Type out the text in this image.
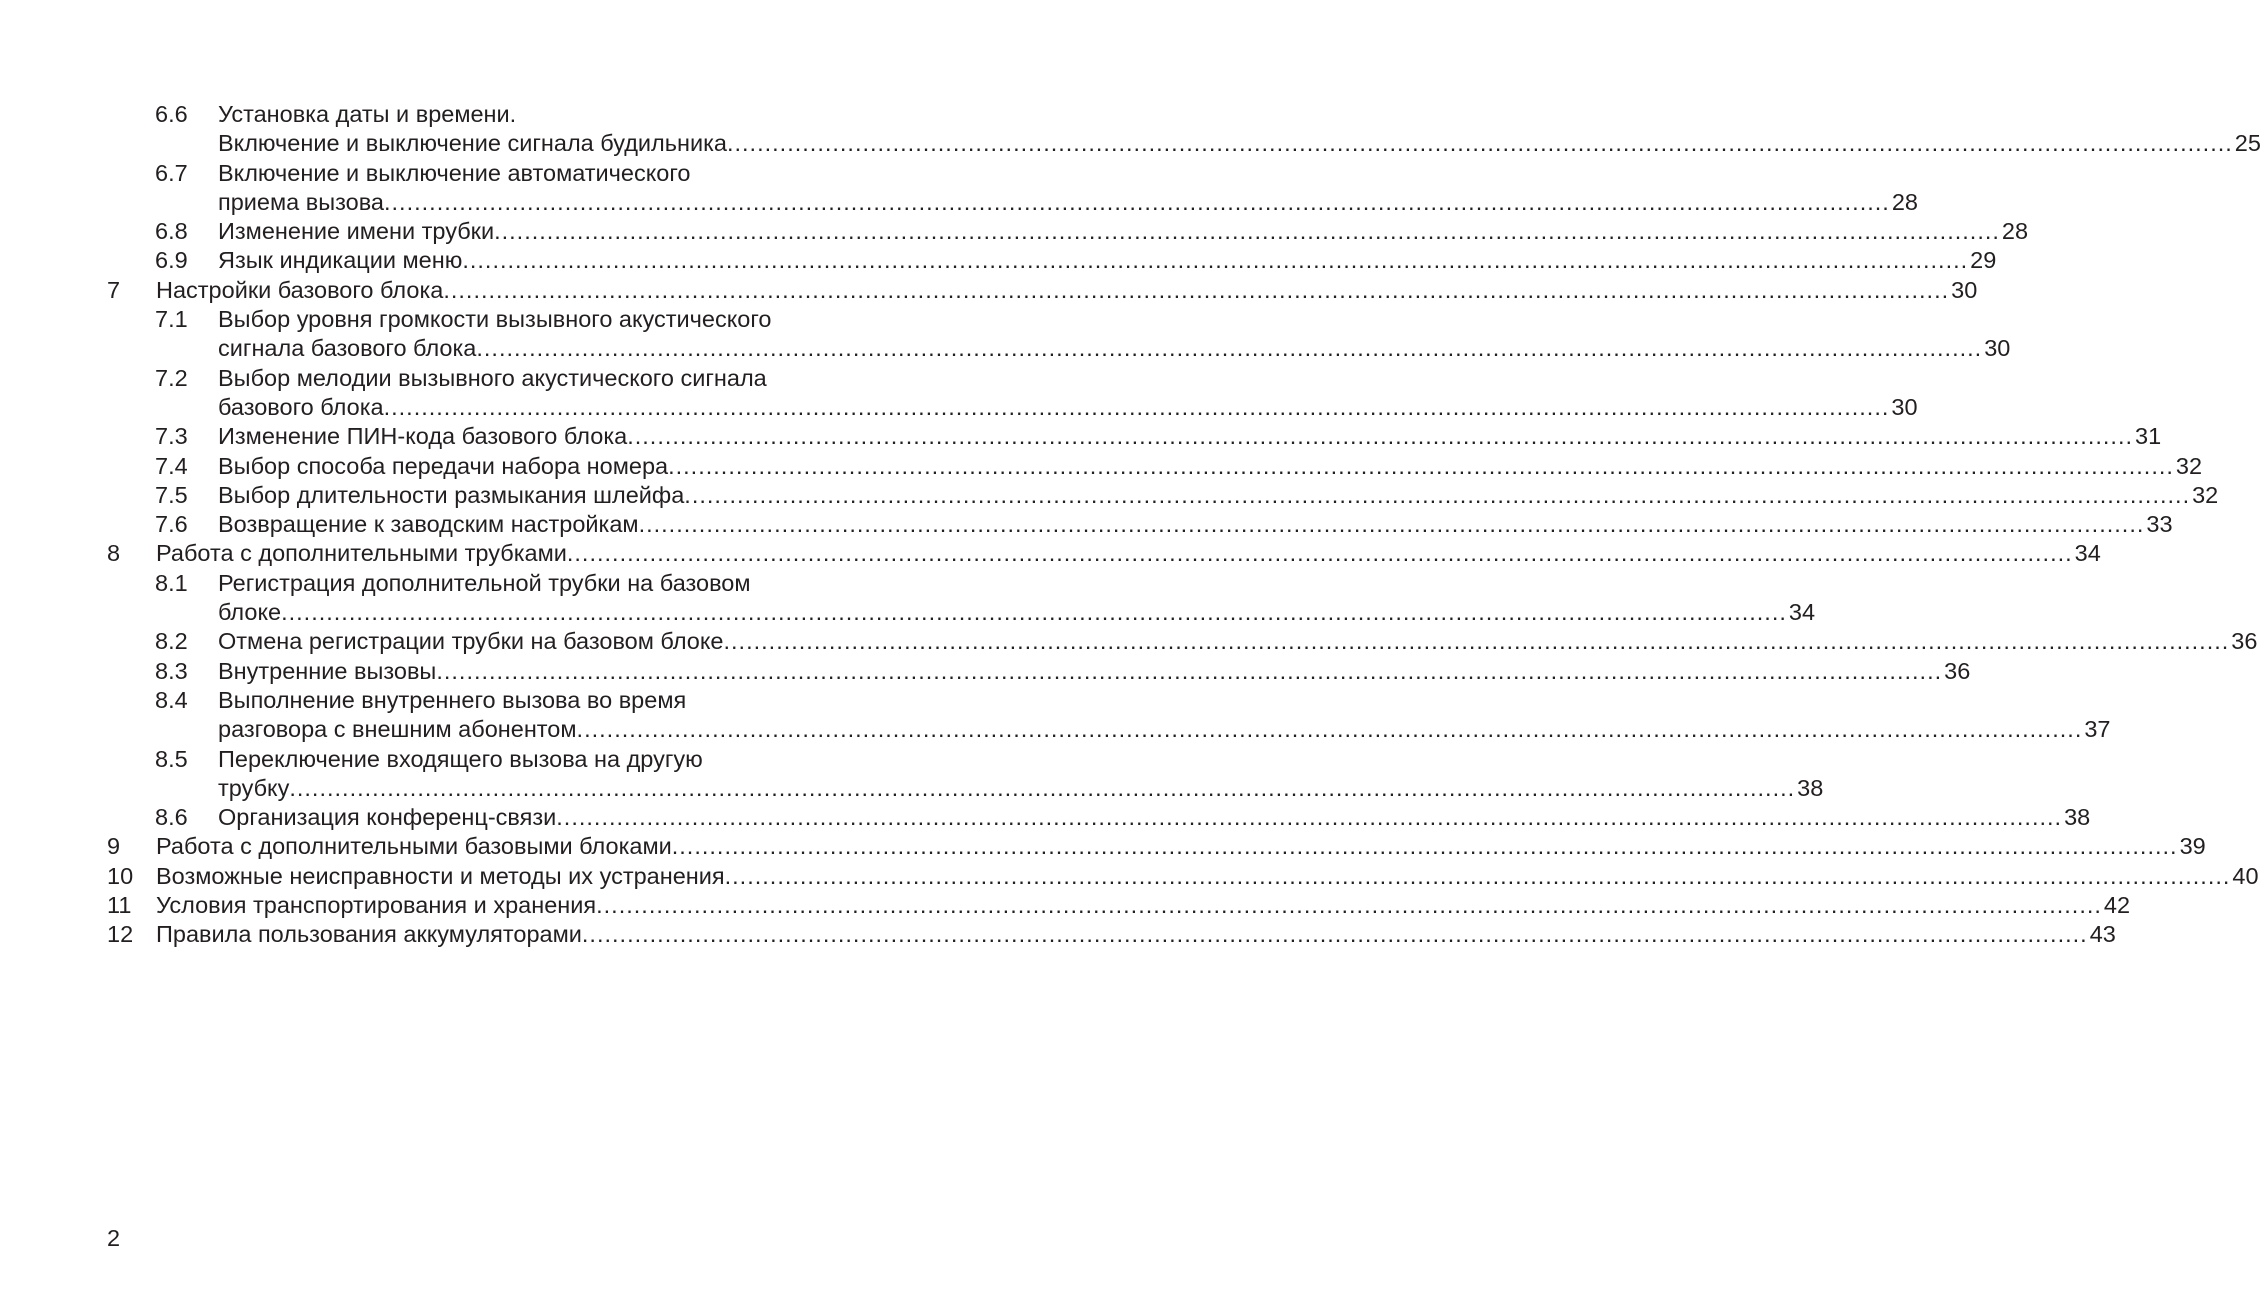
6.6 Установка даты и времени.
Включение и выключение сигнала будильника ........................................................................................................................................................................................................ 25
6.7 Включение и выключение автоматического
приема вызова ........................................................................................................................................................................................................ 28
6.8 Изменение имени трубки ........................................................................................................................................................................................................ 28
6.9 Язык индикации меню ........................................................................................................................................................................................................ 29
7 Настройки базового блока ........................................................................................................................................................................................................ 30
7.1 Выбор уровня громкости вызывного акустического
сигнала базового блока ........................................................................................................................................................................................................ 30
7.2 Выбор мелодии вызывного акустического сигнала
базового блока ........................................................................................................................................................................................................ 30
7.3 Изменение ПИН-кода базового блока ........................................................................................................................................................................................................ 31
7.4 Выбор способа передачи набора номера ........................................................................................................................................................................................................ 32
7.5 Выбор длительности размыкания шлейфа ........................................................................................................................................................................................................ 32
7.6 Возвращение к заводским настройкам ........................................................................................................................................................................................................ 33
8 Работа с дополнительными трубками ........................................................................................................................................................................................................ 34
8.1 Регистрация дополнительной трубки на базовом
блоке ........................................................................................................................................................................................................ 34
8.2 Отмена регистрации трубки на базовом блоке ........................................................................................................................................................................................................ 36
8.3 Внутренние вызовы ........................................................................................................................................................................................................ 36
8.4 Выполнение внутреннего вызова во время
разговора с внешним абонентом ........................................................................................................................................................................................................ 37
8.5 Переключение входящего вызова на другую
трубку ........................................................................................................................................................................................................ 38
8.6 Организация конференц-связи ........................................................................................................................................................................................................ 38
9 Работа с дополнительными базовыми блоками ........................................................................................................................................................................................................ 39
10 Возможные неисправности и методы их устранения ........................................................................................................................................................................................................ 40
11 Условия транспортирования и хранения ........................................................................................................................................................................................................ 42
12 Правила пользования аккумуляторами ........................................................................................................................................................................................................ 43
2
